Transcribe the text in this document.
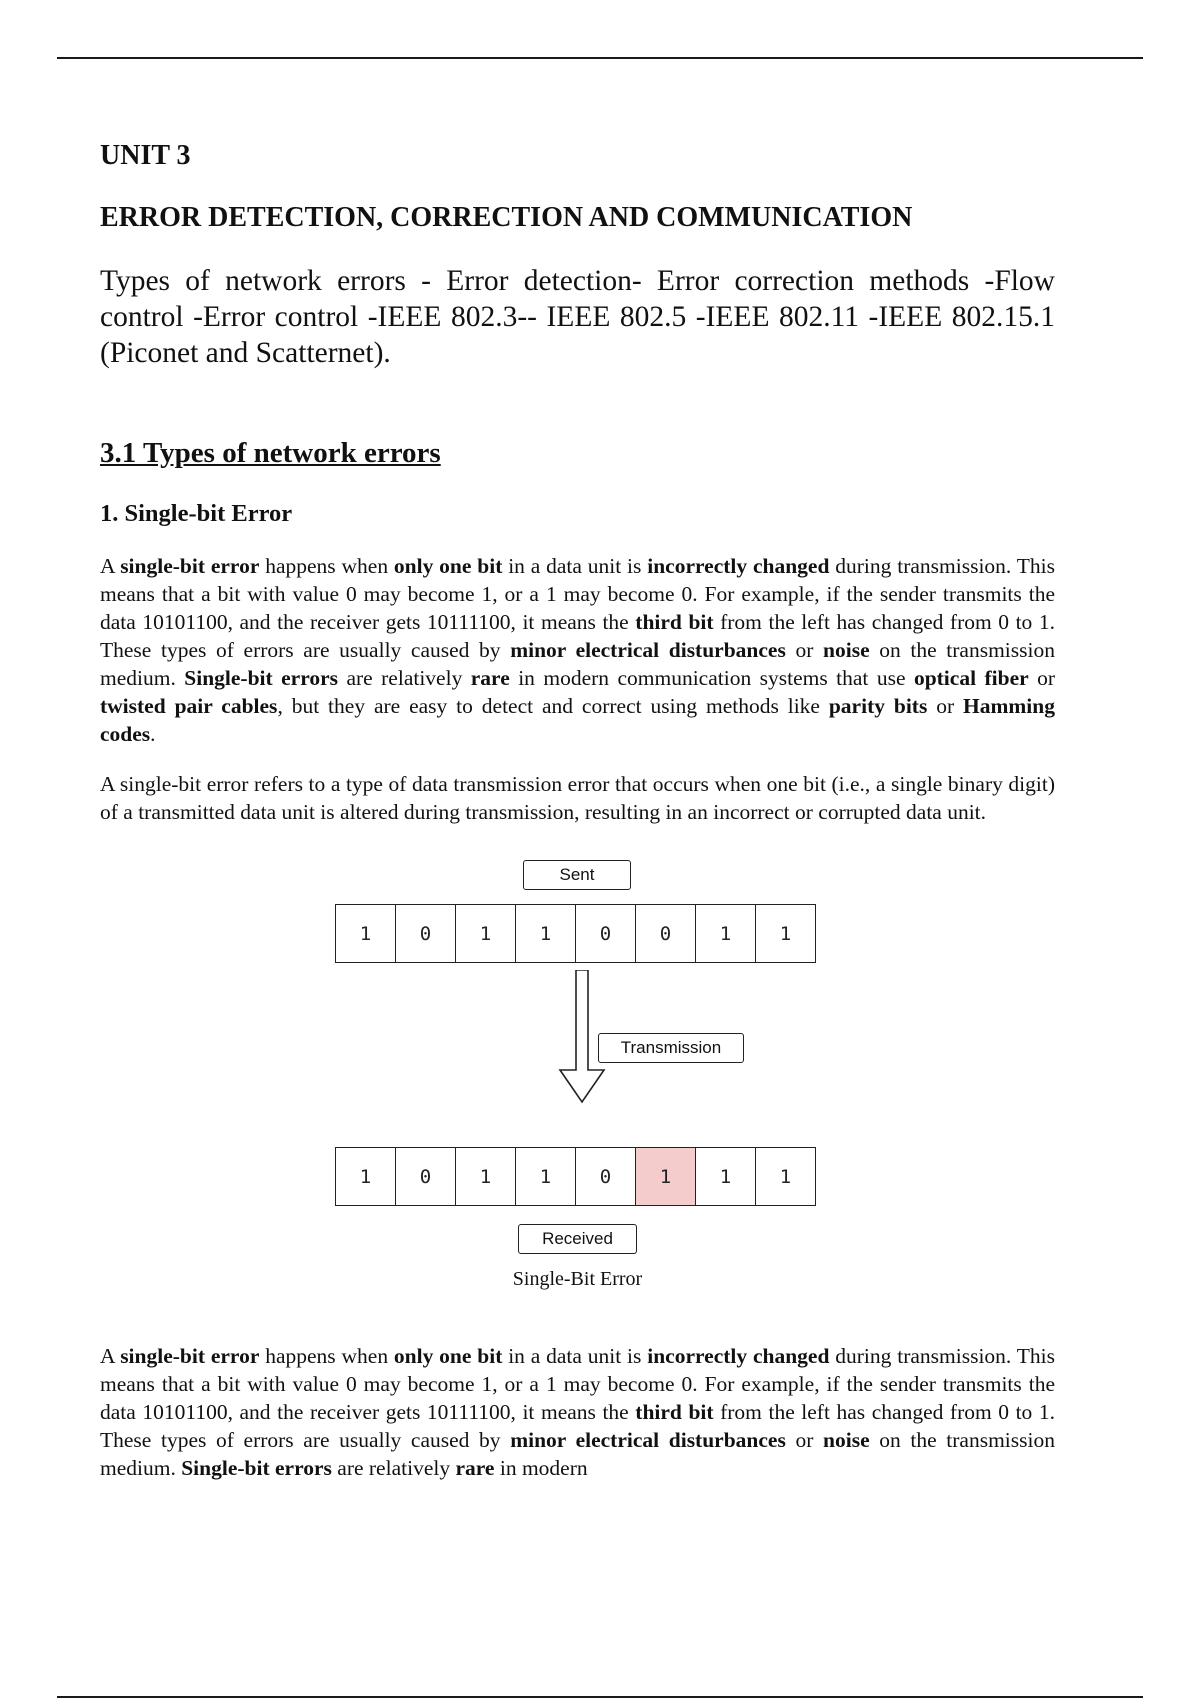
UNIT 3

ERROR DETECTION, CORRECTION AND COMMUNICATION

Types of network errors - Error detection- Error correction methods -Flow control -Error control -IEEE 802.3-- IEEE 802.5 -IEEE 802.11 -IEEE 802.15.1 (Piconet and Scatternet).

3.1 Types of network errors

1. Single-bit Error

A single-bit error happens when only one bit in a data unit is incorrectly changed during transmission. This means that a bit with value 0 may become 1, or a 1 may become 0. For example, if the sender transmits the data 10101100, and the receiver gets 10111100, it means the third bit from the left has changed from 0 to 1. These types of errors are usually caused by minor electrical disturbances or noise on the transmission medium. Single-bit errors are relatively rare in modern communication systems that use optical fiber or twisted pair cables, but they are easy to detect and correct using methods like parity bits or Hamming codes.

A single-bit error refers to a type of data transmission error that occurs when one bit (i.e., a single binary digit) of a transmitted data unit is altered during transmission, resulting in an incorrect or corrupted data unit.

Sent
1	0	1	1	0	0	1	1
Transmission
1	0	1	1	0	1	1	1
Received
Single-Bit Error

A single-bit error happens when only one bit in a data unit is incorrectly changed during transmission. This means that a bit with value 0 may become 1, or a 1 may become 0. For example, if the sender transmits the data 10101100, and the receiver gets 10111100, it means the third bit from the left has changed from 0 to 1. These types of errors are usually caused by minor electrical disturbances or noise on the transmission medium. Single-bit errors are relatively rare in modern
